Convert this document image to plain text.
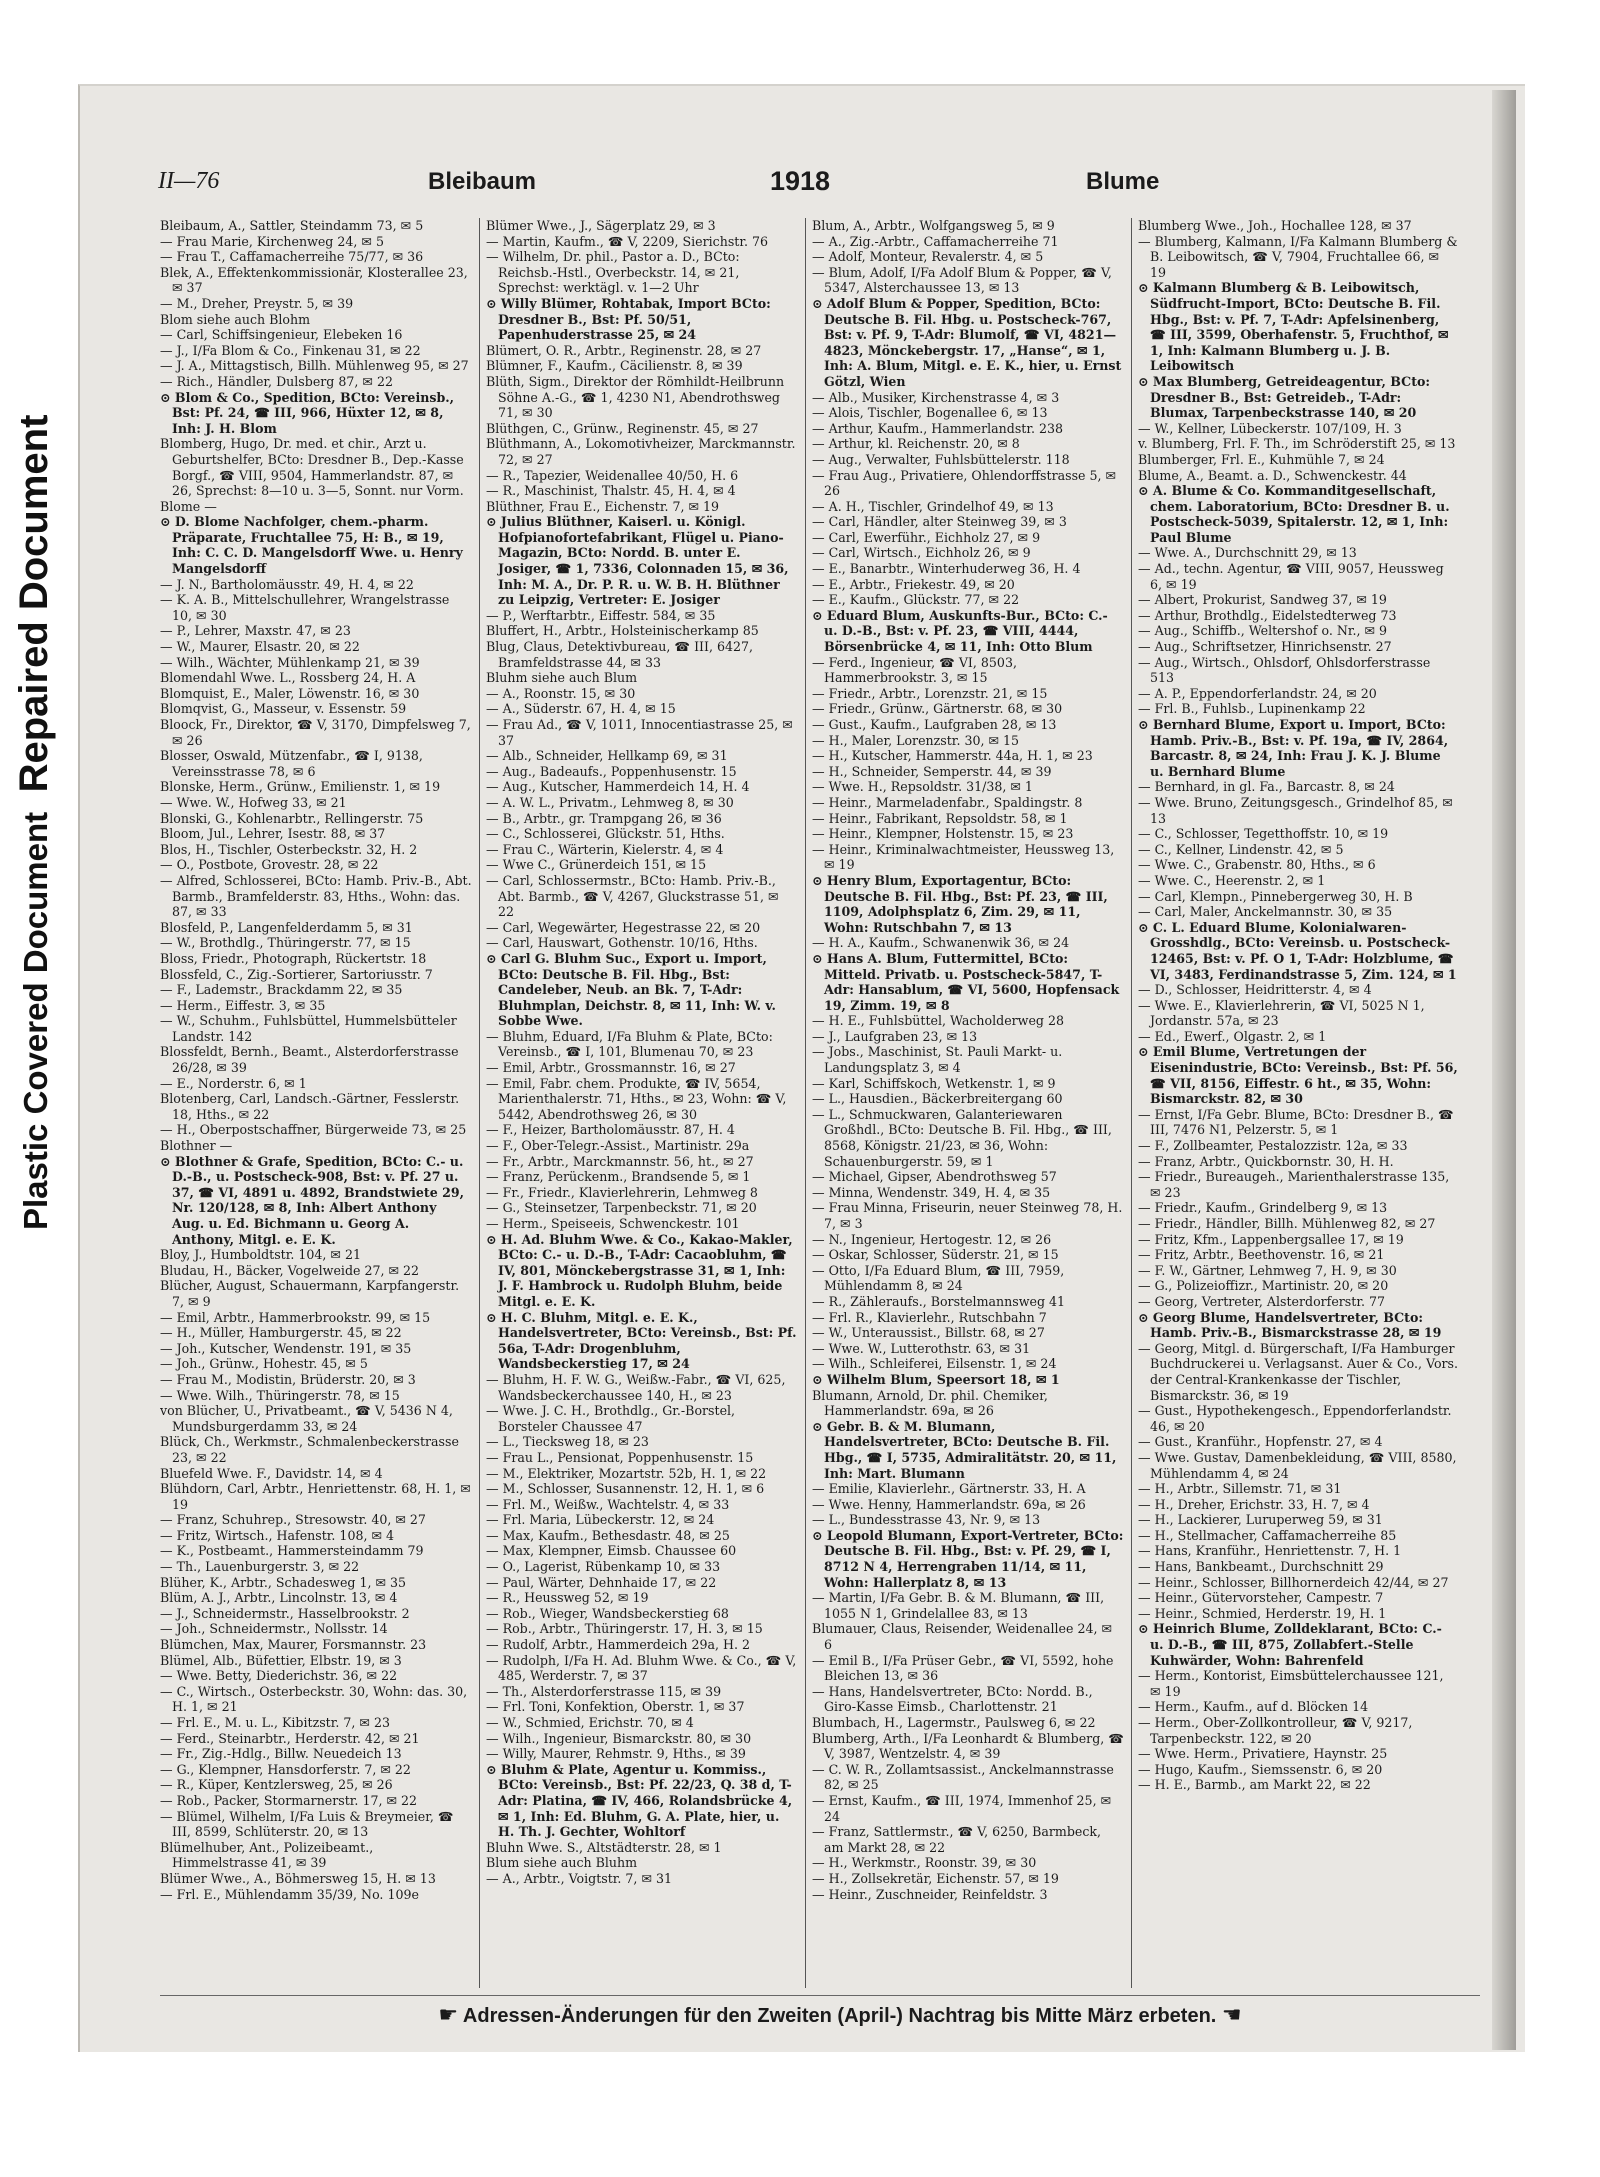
Plastic Covered Document Repaired Document
II—76	Bleibaum	1918	Blume

Bleibaum, A., Sattler, Steindamm 73, ✉ 5

— Frau Marie, Kirchenweg 24, ✉ 5

— Frau T., Caffamacherreihe 75/77, ✉ 36

Blek, A., Effektenkommissionär, Klosterallee 23, ✉ 37

— M., Dreher, Preystr. 5, ✉ 39

Blom siehe auch Blohm

— Carl, Schiffsingenieur, Elebeken 16

— J., I/Fa Blom & Co., Finkenau 31, ✉ 22

— J. A., Mittagstisch, Billh. Mühlenweg 95, ✉ 27

— Rich., Händler, Dulsberg 87, ✉ 22

⊙ Blom & Co., Spedition, BCto: Vereinsb., Bst: Pf. 24, ☎ III, 966, Hüxter 12, ✉ 8, Inh: J. H. Blom

Blomberg, Hugo, Dr. med. et chir., Arzt u. Geburtshelfer, BCto: Dresdner B., Dep.-Kasse Borgf., ☎ VIII, 9504, Hammerlandstr. 87, ✉ 26, Sprechst: 8—10 u. 3—5, Sonnt. nur Vorm.

Blome —

⊙ D. Blome Nachfolger, chem.-pharm. Präparate, Fruchtallee 75, H: B., ✉ 19, Inh: C. C. D. Mangelsdorff Wwe. u. Henry Mangelsdorff

— J. N., Bartholomäusstr. 49, H. 4, ✉ 22

— K. A. B., Mittelschullehrer, Wrangelstrasse 10, ✉ 30

— P., Lehrer, Maxstr. 47, ✉ 23

— W., Maurer, Elsastr. 20, ✉ 22

— Wilh., Wächter, Mühlenkamp 21, ✉ 39

Blomendahl Wwe. L., Rossberg 24, H. A

Blomquist, E., Maler, Löwenstr. 16, ✉ 30

Blomqvist, G., Masseur, v. Essenstr. 59

Bloock, Fr., Direktor, ☎ V, 3170, Dimpfelsweg 7, ✉ 26

Blosser, Oswald, Mützenfabr., ☎ I, 9138, Vereinsstrasse 78, ✉ 6

Blonske, Herm., Grünw., Emilienstr. 1, ✉ 19

— Wwe. W., Hofweg 33, ✉ 21

Blonski, G., Kohlenarbtr., Rellingerstr. 75

Bloom, Jul., Lehrer, Isestr. 88, ✉ 37

Blos, H., Tischler, Osterbeckstr. 32, H. 2

— O., Postbote, Grovestr. 28, ✉ 22

— Alfred, Schlosserei, BCto: Hamb. Priv.-B., Abt. Barmb., Bramfelderstr. 83, Hths., Wohn: das. 87, ✉ 33

Blosfeld, P., Langenfelderdamm 5, ✉ 31

— W., Brothdlg., Thüringerstr. 77, ✉ 15

Bloss, Friedr., Photograph, Rückertstr. 18

Blossfeld, C., Zig.-Sortierer, Sartoriusstr. 7

— F., Lademstr., Brackdamm 22, ✉ 35

— Herm., Eiffestr. 3, ✉ 35

— W., Schuhm., Fuhlsbüttel, Hummelsbütteler Landstr. 142

Blossfeldt, Bernh., Beamt., Alsterdorferstrasse 26/28, ✉ 39

— E., Norderstr. 6, ✉ 1

Blotenberg, Carl, Landsch.-Gärtner, Fesslerstr. 18, Hths., ✉ 22

— H., Oberpostschaffner, Bürgerweide 73, ✉ 25

Blothner —

⊙ Blothner & Grafe, Spedition, BCto: C.- u. D.-B., u. Postscheck-908, Bst: v. Pf. 27 u. 37, ☎ VI, 4891 u. 4892, Brandstwiete 29, Nr. 120/128, ✉ 8, Inh: Albert Anthony Aug. u. Ed. Bichmann u. Georg A. Anthony, Mitgl. e. E. K.

Bloy, J., Humboldtstr. 104, ✉ 21

Bludau, H., Bäcker, Vogelweide 27, ✉ 22

Blücher, August, Schauermann, Karpfangerstr. 7, ✉ 9

— Emil, Arbtr., Hammerbrookstr. 99, ✉ 15

— H., Müller, Hamburgerstr. 45, ✉ 22

— Joh., Kutscher, Wendenstr. 191, ✉ 35

— Joh., Grünw., Hohestr. 45, ✉ 5

— Frau M., Modistin, Brüderstr. 20, ✉ 3

— Wwe. Wilh., Thüringerstr. 78, ✉ 15

von Blücher, U., Privatbeamt., ☎ V, 5436 N 4, Mundsburgerdamm 33, ✉ 24

Blück, Ch., Werkmstr., Schmalenbeckerstrasse 23, ✉ 22

Bluefeld Wwe. F., Davidstr. 14, ✉ 4

Blühdorn, Carl, Arbtr., Henriettenstr. 68, H. 1, ✉ 19

— Franz, Schuhrep., Stresowstr. 40, ✉ 27

— Fritz, Wirtsch., Hafenstr. 108, ✉ 4

— K., Postbeamt., Hammersteindamm 79

— Th., Lauenburgerstr. 3, ✉ 22

Blüher, K., Arbtr., Schadesweg 1, ✉ 35

Blüm, A. J., Arbtr., Lincolnstr. 13, ✉ 4

— J., Schneidermstr., Hasselbrookstr. 2

— Joh., Schneidermstr., Nollsstr. 14

Blümchen, Max, Maurer, Forsmannstr. 23

Blümel, Alb., Büfettier, Elbstr. 19, ✉ 3

— Wwe. Betty, Diederichstr. 36, ✉ 22

— C., Wirtsch., Osterbeckstr. 30, Wohn: das. 30, H. 1, ✉ 21

— Frl. E., M. u. L., Kibitzstr. 7, ✉ 23

— Ferd., Steinarbtr., Herderstr. 42, ✉ 21

— Fr., Zig.-Hdlg., Billw. Neuedeich 13

— G., Klempner, Hansdorferstr. 7, ✉ 22

— R., Küper, Kentzlersweg, 25, ✉ 26

— Rob., Packer, Stormarnerstr. 17, ✉ 22

— Blümel, Wilhelm, I/Fa Luis & Breymeier, ☎ III, 8599, Schlüterstr. 20, ✉ 13

Blümelhuber, Ant., Polizeibeamt., Himmelstrasse 41, ✉ 39

Blümer Wwe., A., Böhmersweg 15, H. ✉ 13

— Frl. E., Mühlendamm 35/39, No. 109e

Blümer Wwe., J., Sägerplatz 29, ✉ 3

— Martin, Kaufm., ☎ V, 2209, Sierichstr. 76

— Wilhelm, Dr. phil., Pastor a. D., BCto: Reichsb.-Hstl., Overbeckstr. 14, ✉ 21, Sprechst: werktägl. v. 1—2 Uhr

⊙ Willy Blümer, Rohtabak, Import BCto: Dresdner B., Bst: Pf. 50/51, Papenhuderstrasse 25, ✉ 24

Blümert, O. R., Arbtr., Reginenstr. 28, ✉ 27

Blümner, F., Kaufm., Cäcilienstr. 8, ✉ 39

Blüth, Sigm., Direktor der Römhildt-Heilbrunn Söhne A.-G., ☎ 1, 4230 N1, Abendrothsweg 71, ✉ 30

Blüthgen, C., Grünw., Reginenstr. 45, ✉ 27

Blüthmann, A., Lokomotivheizer, Marckmannstr. 72, ✉ 27

— R., Tapezier, Weidenallee 40/50, H. 6

— R., Maschinist, Thalstr. 45, H. 4, ✉ 4

Blüthner, Frau E., Eichenstr. 7, ✉ 19

⊙ Julius Blüthner, Kaiserl. u. Königl. Hofpianofortefabrikant, Flügel u. Piano-Magazin, BCto: Nordd. B. unter E. Josiger, ☎ 1, 7336, Colonnaden 15, ✉ 36, Inh: M. A., Dr. P. R. u. W. B. H. Blüthner zu Leipzig, Vertreter: E. Josiger

— P., Werftarbtr., Eiffestr. 584, ✉ 35

Bluffert, H., Arbtr., Holsteinischerkamp 85

Blug, Claus, Detektivbureau, ☎ III, 6427, Bramfeldstrasse 44, ✉ 33

Bluhm siehe auch Blum

— A., Roonstr. 15, ✉ 30

— A., Süderstr. 67, H. 4, ✉ 15

— Frau Ad., ☎ V, 1011, Innocentiastrasse 25, ✉ 37

— Alb., Schneider, Hellkamp 69, ✉ 31

— Aug., Badeaufs., Poppenhusenstr. 15

— Aug., Kutscher, Hammerdeich 14, H. 4

— A. W. L., Privatm., Lehmweg 8, ✉ 30

— B., Arbtr., gr. Trampgang 26, ✉ 36

— C., Schlosserei, Glückstr. 51, Hths.

— Frau C., Wärterin, Kielerstr. 4, ✉ 4

— Wwe C., Grünerdeich 151, ✉ 15

— Carl, Schlossermstr., BCto: Hamb. Priv.-B., Abt. Barmb., ☎ V, 4267, Gluckstrasse 51, ✉ 22

— Carl, Wegewärter, Hegestrasse 22, ✉ 20

— Carl, Hauswart, Gothenstr. 10/16, Hths.

⊙ Carl G. Bluhm Suc., Export u. Import, BCto: Deutsche B. Fil. Hbg., Bst: Candeleber, Neub. an Bk. 7, T-Adr: Bluhmplan, Deichstr. 8, ✉ 11, Inh: W. v. Sobbe Wwe.

— Bluhm, Eduard, I/Fa Bluhm & Plate, BCto: Vereinsb., ☎ I, 101, Blumenau 70, ✉ 23

— Emil, Arbtr., Grossmannstr. 16, ✉ 27

— Emil, Fabr. chem. Produkte, ☎ IV, 5654, Marienthalerstr. 71, Hths., ✉ 23, Wohn: ☎ V, 5442, Abendrothsweg 26, ✉ 30

— F., Heizer, Bartholomäusstr. 87, H. 4

— F., Ober-Telegr.-Assist., Martinistr. 29a

— Fr., Arbtr., Marckmannstr. 56, ht., ✉ 27

— Franz, Perückenm., Brandsende 5, ✉ 1

— Fr., Friedr., Klavierlehrerin, Lehmweg 8

— G., Steinsetzer, Tarpenbeckstr. 71, ✉ 20

— Herm., Speiseeis, Schwenckestr. 101

⊙ H. Ad. Bluhm Wwe. & Co., Kakao-Makler, BCto: C.- u. D.-B., T-Adr: Cacaobluhm, ☎ IV, 801, Mönckebergstrasse 31, ✉ 1, Inh: J. F. Hambrock u. Rudolph Bluhm, beide Mitgl. e. E. K.

⊙ H. C. Bluhm, Mitgl. e. E. K., Handelsvertreter, BCto: Vereinsb., Bst: Pf. 56a, T-Adr: Drogenbluhm, Wandsbeckerstieg 17, ✉ 24

— Bluhm, H. F. W. G., Weißw.-Fabr., ☎ VI, 625, Wandsbeckerchaussee 140, H., ✉ 23

— Wwe. J. C. H., Brothdlg., Gr.-Borstel, Borsteler Chaussee 47

— L., Tiecksweg 18, ✉ 23

— Frau L., Pensionat, Poppenhusenstr. 15

— M., Elektriker, Mozartstr. 52b, H. 1, ✉ 22

— M., Schlosser, Susannenstr. 12, H. 1, ✉ 6

— Frl. M., Weißw., Wachtelstr. 4, ✉ 33

— Frl. Maria, Lübeckerstr. 12, ✉ 24

— Max, Kaufm., Bethesdastr. 48, ✉ 25

— Max, Klempner, Eimsb. Chaussee 60

— O., Lagerist, Rübenkamp 10, ✉ 33

— Paul, Wärter, Dehnhaide 17, ✉ 22

— R., Heussweg 52, ✉ 19

— Rob., Wieger, Wandsbeckerstieg 68

— Rob., Arbtr., Thüringerstr. 17, H. 3, ✉ 15

— Rudolf, Arbtr., Hammerdeich 29a, H. 2

— Rudolph, I/Fa H. Ad. Bluhm Wwe. & Co., ☎ V, 485, Werderstr. 7, ✉ 37

— Th., Alsterdorferstrasse 115, ✉ 39

— Frl. Toni, Konfektion, Oberstr. 1, ✉ 37

— W., Schmied, Erichstr. 70, ✉ 4

— Wilh., Ingenieur, Bismarckstr. 80, ✉ 30

— Willy, Maurer, Rehmstr. 9, Hths., ✉ 39

⊙ Bluhm & Plate, Agentur u. Kommiss., BCto: Vereinsb., Bst: Pf. 22/23, Q. 38 d, T-Adr: Platina, ☎ IV, 466, Rolandsbrücke 4, ✉ 1, Inh: Ed. Bluhm, G. A. Plate, hier, u. H. Th. J. Gechter, Wohltorf

Bluhn Wwe. S., Altstädterstr. 28, ✉ 1

Blum siehe auch Bluhm

— A., Arbtr., Voigtstr. 7, ✉ 31

Blum, A., Arbtr., Wolfgangsweg 5, ✉ 9

— A., Zig.-Arbtr., Caffamacherreihe 71

— Adolf, Monteur, Revalerstr. 4, ✉ 5

— Blum, Adolf, I/Fa Adolf Blum & Popper, ☎ V, 5347, Alsterchaussee 13, ✉ 13

⊙ Adolf Blum & Popper, Spedition, BCto: Deutsche B. Fil. Hbg. u. Postscheck-767, Bst: v. Pf. 9, T-Adr: Blumolf, ☎ VI, 4821—4823, Mönckebergstr. 17, „Hanse“, ✉ 1, Inh: A. Blum, Mitgl. e. E. K., hier, u. Ernst Götzl, Wien

— Alb., Musiker, Kirchenstrasse 4, ✉ 3

— Alois, Tischler, Bogenallee 6, ✉ 13

— Arthur, Kaufm., Hammerlandstr. 238

— Arthur, kl. Reichenstr. 20, ✉ 8

— Aug., Verwalter, Fuhlsbüttelerstr. 118

— Frau Aug., Privatiere, Ohlendorffstrasse 5, ✉ 26

— A. H., Tischler, Grindelhof 49, ✉ 13

— Carl, Händler, alter Steinweg 39, ✉ 3

— Carl, Ewerführ., Eichholz 27, ✉ 9

— Carl, Wirtsch., Eichholz 26, ✉ 9

— E., Banarbtr., Winterhuderweg 36, H. 4

— E., Arbtr., Friekestr. 49, ✉ 20

— E., Kaufm., Glückstr. 77, ✉ 22

⊙ Eduard Blum, Auskunfts-Bur., BCto: C.- u. D.-B., Bst: v. Pf. 23, ☎ VIII, 4444, Börsenbrücke 4, ✉ 11, Inh: Otto Blum

— Ferd., Ingenieur, ☎ VI, 8503, Hammerbrookstr. 3, ✉ 15

— Friedr., Arbtr., Lorenzstr. 21, ✉ 15

— Friedr., Grünw., Gärtnerstr. 68, ✉ 30

— Gust., Kaufm., Laufgraben 28, ✉ 13

— H., Maler, Lorenzstr. 30, ✉ 15

— H., Kutscher, Hammerstr. 44a, H. 1, ✉ 23

— H., Schneider, Semperstr. 44, ✉ 39

— Wwe. H., Repsoldstr. 31/38, ✉ 1

— Heinr., Marmeladenfabr., Spaldingstr. 8

— Heinr., Fabrikant, Repsoldstr. 58, ✉ 1

— Heinr., Klempner, Holstenstr. 15, ✉ 23

— Heinr., Kriminalwachtmeister, Heussweg 13, ✉ 19

⊙ Henry Blum, Exportagentur, BCto: Deutsche B. Fil. Hbg., Bst: Pf. 23, ☎ III, 1109, Adolphsplatz 6, Zim. 29, ✉ 11, Wohn: Rutschbahn 7, ✉ 13

— H. A., Kaufm., Schwanenwik 36, ✉ 24

⊙ Hans A. Blum, Futtermittel, BCto: Mitteld. Privatb. u. Postscheck-5847, T-Adr: Hansablum, ☎ VI, 5600, Hopfensack 19, Zimm. 19, ✉ 8

— H. E., Fuhlsbüttel, Wacholderweg 28

— J., Laufgraben 23, ✉ 13

— Jobs., Maschinist, St. Pauli Markt- u. Landungsplatz 3, ✉ 4

— Karl, Schiffskoch, Wetkenstr. 1, ✉ 9

— L., Hausdien., Bäckerbreitergang 60

— L., Schmuckwaren, Galanteriewaren Großhdl., BCto: Deutsche B. Fil. Hbg., ☎ III, 8568, Königstr. 21/23, ✉ 36, Wohn: Schauenburgerstr. 59, ✉ 1

— Michael, Gipser, Abendrothsweg 57

— Minna, Wendenstr. 349, H. 4, ✉ 35

— Frau Minna, Friseurin, neuer Steinweg 78, H. 7, ✉ 3

— N., Ingenieur, Hertogestr. 12, ✉ 26

— Oskar, Schlosser, Süderstr. 21, ✉ 15

— Otto, I/Fa Eduard Blum, ☎ III, 7959, Mühlendamm 8, ✉ 24

— R., Zähleraufs., Borstelmannsweg 41

— Frl. R., Klavierlehr., Rutschbahn 7

— W., Unteraussist., Billstr. 68, ✉ 27

— Wwe. W., Lutterothstr. 63, ✉ 31

— Wilh., Schleiferei, Eilsenstr. 1, ✉ 24

⊙ Wilhelm Blum, Speersort 18, ✉ 1

Blumann, Arnold, Dr. phil. Chemiker, Hammerlandstr. 69a, ✉ 26

⊙ Gebr. B. & M. Blumann, Handelsvertreter, BCto: Deutsche B. Fil. Hbg., ☎ I, 5735, Admiralitätstr. 20, ✉ 11, Inh: Mart. Blumann

— Emilie, Klavierlehr., Gärtnerstr. 33, H. A

— Wwe. Henny, Hammerlandstr. 69a, ✉ 26

— L., Bundesstrasse 43, Nr. 9, ✉ 13

⊙ Leopold Blumann, Export-Vertreter, BCto: Deutsche B. Fil. Hbg., Bst: v. Pf. 29, ☎ I, 8712 N 4, Herrengraben 11/14, ✉ 11, Wohn: Hallerplatz 8, ✉ 13

— Martin, I/Fa Gebr. B. & M. Blumann, ☎ III, 1055 N 1, Grindelallee 83, ✉ 13

Blumauer, Claus, Reisender, Weidenallee 24, ✉ 6

— Emil B., I/Fa Prüser Gebr., ☎ VI, 5592, hohe Bleichen 13, ✉ 36

— Hans, Handelsvertreter, BCto: Nordd. B., Giro-Kasse Eimsb., Charlottenstr. 21

Blumbach, H., Lagermstr., Paulsweg 6, ✉ 22

Blumberg, Arth., I/Fa Leonhardt & Blumberg, ☎ V, 3987, Wentzelstr. 4, ✉ 39

— C. W. R., Zollamtsassist., Anckelmannstrasse 82, ✉ 25

— Ernst, Kaufm., ☎ III, 1974, Immenhof 25, ✉ 24

— Franz, Sattlermstr., ☎ V, 6250, Barmbeck, am Markt 28, ✉ 22

— H., Werkmstr., Roonstr. 39, ✉ 30

— H., Zollsekretär, Eichenstr. 57, ✉ 19

— Heinr., Zuschneider, Reinfeldstr. 3

Blumberg Wwe., Joh., Hochallee 128, ✉ 37

— Blumberg, Kalmann, I/Fa Kalmann Blumberg & B. Leibowitsch, ☎ V, 7904, Fruchtallee 66, ✉ 19

⊙ Kalmann Blumberg & B. Leibowitsch, Südfrucht-Import, BCto: Deutsche B. Fil. Hbg., Bst: v. Pf. 7, T-Adr: Apfelsinenberg, ☎ III, 3599, Oberhafenstr. 5, Fruchthof, ✉ 1, Inh: Kalmann Blumberg u. J. B. Leibowitsch

⊙ Max Blumberg, Getreideagentur, BCto: Dresdner B., Bst: Getreideb., T-Adr: Blumax, Tarpenbeckstrasse 140, ✉ 20

— W., Kellner, Lübeckerstr. 107/109, H. 3

v. Blumberg, Frl. F. Th., im Schröderstift 25, ✉ 13

Blumberger, Frl. E., Kuhmühle 7, ✉ 24

Blume, A., Beamt. a. D., Schwenckestr. 44

⊙ A. Blume & Co. Kommanditgesellschaft, chem. Laboratorium, BCto: Dresdner B. u. Postscheck-5039, Spitalerstr. 12, ✉ 1, Inh: Paul Blume

— Wwe. A., Durchschnitt 29, ✉ 13

— Ad., techn. Agentur, ☎ VIII, 9057, Heussweg 6, ✉ 19

— Albert, Prokurist, Sandweg 37, ✉ 19

— Arthur, Brothdlg., Eidelstedterweg 73

— Aug., Schiffb., Weltershof o. Nr., ✉ 9

— Aug., Schriftsetzer, Hinrichsenstr. 27

— Aug., Wirtsch., Ohlsdorf, Ohlsdorferstrasse 513

— A. P., Eppendorferlandstr. 24, ✉ 20

— Frl. B., Fuhlsb., Lupinenkamp 22

⊙ Bernhard Blume, Export u. Import, BCto: Hamb. Priv.-B., Bst: v. Pf. 19a, ☎ IV, 2864, Barcastr. 8, ✉ 24, Inh: Frau J. K. J. Blume u. Bernhard Blume

— Bernhard, in gl. Fa., Barcastr. 8, ✉ 24

— Wwe. Bruno, Zeitungsgesch., Grindelhof 85, ✉ 13

— C., Schlosser, Tegetthoffstr. 10, ✉ 19

— C., Kellner, Lindenstr. 42, ✉ 5

— Wwe. C., Grabenstr. 80, Hths., ✉ 6

— Wwe. C., Heerenstr. 2, ✉ 1

— Carl, Klempn., Pinnebergerweg 30, H. B

— Carl, Maler, Anckelmannstr. 30, ✉ 35

⊙ C. L. Eduard Blume, Kolonialwaren-Grosshdlg., BCto: Vereinsb. u. Postscheck-12465, Bst: v. Pf. O 1, T-Adr: Holzblume, ☎ VI, 3483, Ferdinandstrasse 5, Zim. 124, ✉ 1

— D., Schlosser, Heidritterstr. 4, ✉ 4

— Wwe. E., Klavierlehrerin, ☎ VI, 5025 N 1, Jordanstr. 57a, ✉ 23

— Ed., Ewerf., Olgastr. 2, ✉ 1

⊙ Emil Blume, Vertretungen der Eisenindustrie, BCto: Vereinsb., Bst: Pf. 56, ☎ VII, 8156, Eiffestr. 6 ht., ✉ 35, Wohn: Bismarckstr. 82, ✉ 30

— Ernst, I/Fa Gebr. Blume, BCto: Dresdner B., ☎ III, 7476 N1, Pelzerstr. 5, ✉ 1

— F., Zollbeamter, Pestalozzistr. 12a, ✉ 33

— Franz, Arbtr., Quickbornstr. 30, H. H.

— Friedr., Bureaugeh., Marienthalerstrasse 135, ✉ 23

— Friedr., Kaufm., Grindelberg 9, ✉ 13

— Friedr., Händler, Billh. Mühlenweg 82, ✉ 27

— Fritz, Kfm., Lappenbergsallee 17, ✉ 19

— Fritz, Arbtr., Beethovenstr. 16, ✉ 21

— F. W., Gärtner, Lehmweg 7, H. 9, ✉ 30

— G., Polizeioffizr., Martinistr. 20, ✉ 20

— Georg, Vertreter, Alsterdorferstr. 77

⊙ Georg Blume, Handelsvertreter, BCto: Hamb. Priv.-B., Bismarckstrasse 28, ✉ 19

— Georg, Mitgl. d. Bürgerschaft, I/Fa Hamburger Buchdruckerei u. Verlagsanst. Auer & Co., Vors. der Central-Krankenkasse der Tischler, Bismarckstr. 36, ✉ 19

— Gust., Hypothekengesch., Eppendorferlandstr. 46, ✉ 20

— Gust., Kranführ., Hopfenstr. 27, ✉ 4

— Wwe. Gustav, Damenbekleidung, ☎ VIII, 8580, Mühlendamm 4, ✉ 24

— H., Arbtr., Sillemstr. 71, ✉ 31

— H., Dreher, Erichstr. 33, H. 7, ✉ 4

— H., Lackierer, Luruperweg 59, ✉ 31

— H., Stellmacher, Caffamacherreihe 85

— Hans, Kranführ., Henriettenstr. 7, H. 1

— Hans, Bankbeamt., Durchschnitt 29

— Heinr., Schlosser, Billhornerdeich 42/44, ✉ 27

— Heinr., Gütervorsteher, Campestr. 7

— Heinr., Schmied, Herderstr. 19, H. 1

⊙ Heinrich Blume, Zolldeklarant, BCto: C.- u. D.-B., ☎ III, 875, Zollabfert.-Stelle Kuhwärder, Wohn: Bahrenfeld

— Herm., Kontorist, Eimsbüttelerchaussee 121, ✉ 19

— Herm., Kaufm., auf d. Blöcken 14

— Herm., Ober-Zollkontrolleur, ☎ V, 9217, Tarpenbeckstr. 122, ✉ 20

— Wwe. Herm., Privatiere, Haynstr. 25

— Hugo, Kaufm., Siemssenstr. 6, ✉ 20

— H. E., Barmb., am Markt 22, ✉ 22

☛ Adressen-Änderungen für den Zweiten (April-) Nachtrag bis Mitte März erbeten. ☚
